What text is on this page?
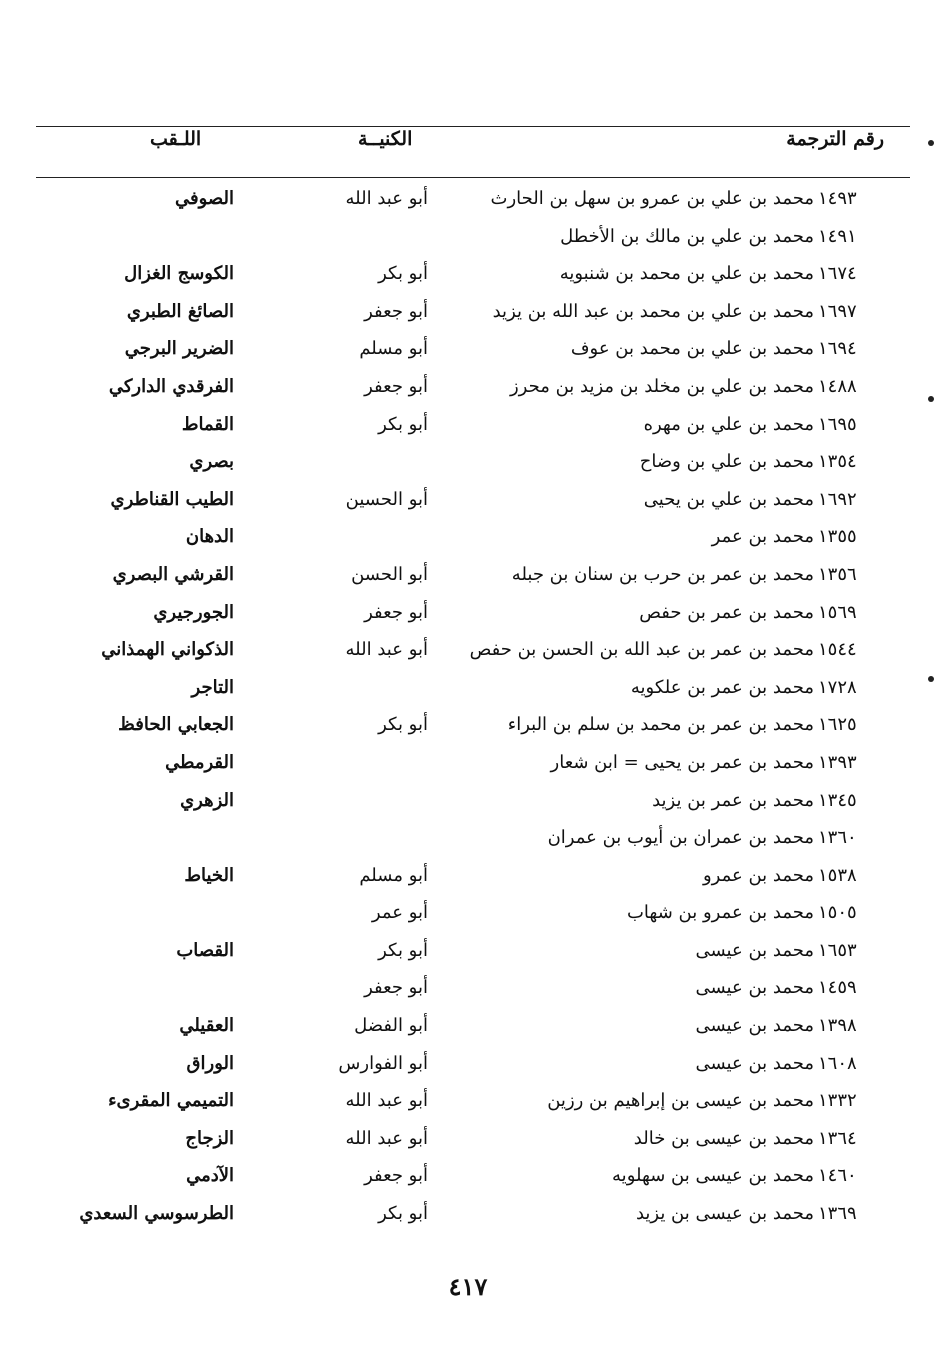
رقم الترجمة
الكنيــة
اللـقب
١٤٩٣
محمد بن علي بن عمرو بن سهل بن الحارث
أبو عبد الله
الصوفي
١٤٩١
محمد بن علي بن مالك بن الأخطل
١٦٧٤
محمد بن علي بن محمد بن شنبويه
أبو بكر
الكوسج الغزال
١٦٩٧
محمد بن علي بن محمد بن عبد الله بن يزيد
أبو جعفر
الصائغ الطبري
١٦٩٤
محمد بن علي بن محمد بن عوف
أبو مسلم
الضرير البرجي
١٤٨٨
محمد بن علي بن مخلد بن مزيد بن محرز
أبو جعفر
الفرقدي الداركي
١٦٩٥
محمد بن علي بن مهره
أبو بكر
القماط
١٣٥٤
محمد بن علي بن وضاح
بصري
١٦٩٢
محمد بن علي بن يحيى
أبو الحسين
الطيب القناطري
١٣٥٥
محمد بن عمر
الدهان
١٣٥٦
محمد بن عمر بن حرب بن سنان بن جبله
أبو الحسن
القرشي البصري
١٥٦٩
محمد بن عمر بن حفص
أبو جعفر
الجورجيري
١٥٤٤
محمد بن عمر بن عبد الله بن الحسن بن حفص
أبو عبد الله
الذكواني الهمذاني
١٧٢٨
محمد بن عمر بن علكويه
التاجر
١٦٢٥
محمد بن عمر بن محمد بن سلم بن البراء
أبو بكر
الجعابي الحافظ
١٣٩٣
محمد بن عمر بن يحيى = ابن شعار
القرمطي
١٣٤٥
محمد بن عمر بن يزيد
الزهري
١٣٦٠
محمد بن عمران بن أيوب بن عمران
١٥٣٨
محمد بن عمرو
أبو مسلم
الخياط
١٥٠٥
محمد بن عمرو بن شهاب
أبو عمر
١٦٥٣
محمد بن عيسى
أبو بكر
القصاب
١٤٥٩
محمد بن عيسى
أبو جعفر
١٣٩٨
محمد بن عيسى
أبو الفضل
العقيلي
١٦٠٨
محمد بن عيسى
أبو الفوارس
الوراق
١٣٣٢
محمد بن عيسى بن إبراهيم بن رزين
أبو عبد الله
التميمي المقرىء
١٣٦٤
محمد بن عيسى بن خالد
أبو عبد الله
الزجاج
١٤٦٠
محمد بن عيسى بن سهلويه
أبو جعفر
الآدمي
١٣٦٩
محمد بن عيسى بن يزيد
أبو بكر
الطرسوسي السعدي
٤١٧
